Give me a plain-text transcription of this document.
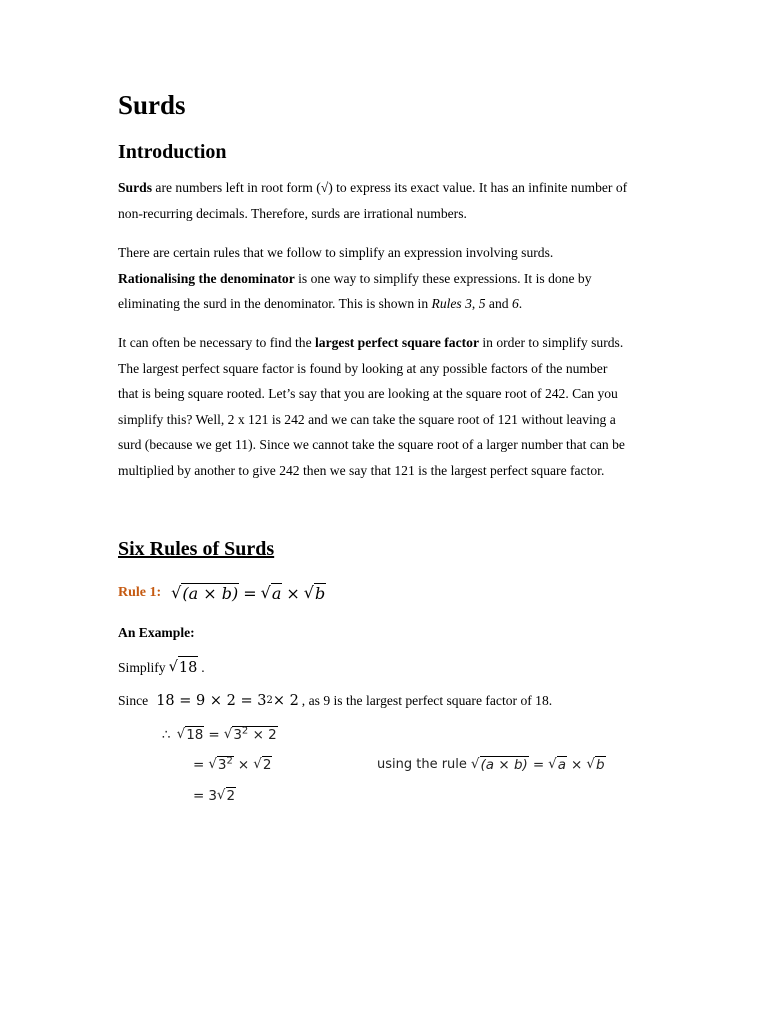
Surds
Introduction
Surds are numbers left in root form (√) to express its exact value. It has an infinite number of
non-recurring decimals. Therefore, surds are irrational numbers.
There are certain rules that we follow to simplify an expression involving surds.
Rationalising the denominator is one way to simplify these expressions. It is done by
eliminating the surd in the denominator. This is shown in Rules 3, 5 and 6.
It can often be necessary to find the largest perfect square factor in order to simplify surds.
The largest perfect square factor is found by looking at any possible factors of the number
that is being square rooted. Let’s say that you are looking at the square root of 242. Can you
simplify this? Well, 2 x 121 is 242 and we can take the square root of 121 without leaving a
surd (because we get 11). Since we cannot take the square root of a larger number that can be
multiplied by another to give 242 then we say that 121 is the largest perfect square factor.
Six Rules of Surds
Rule 1: √ (a × b) = √ a × √ b

An Example:

Simplify √ 18 .
Since 18 = 9 × 2 = 3 2 × 2 , as 9 is the largest perfect square factor of 18.
∴ √ 18 = √ $3^2 \times 2$
= √ $3^2$ × √ 2	using the rule √ (a × b) = √ a × √ b
= 3 √ 2
